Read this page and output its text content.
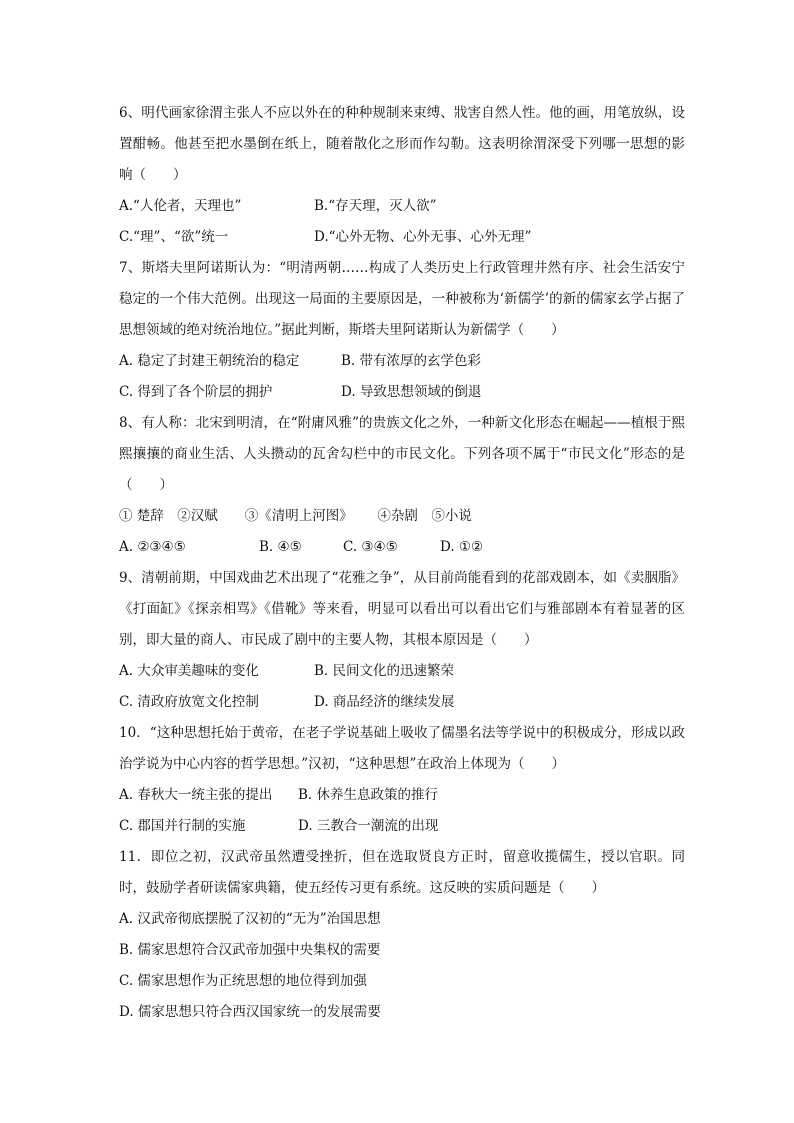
6、明代画家徐渭主张人不应以外在的种种规制来束缚、戕害自然人性。他的画，用笔放纵，设置酣畅。他甚至把水墨倒在纸上，随着散化之形而作勾勒。这表明徐渭深受下列哪一思想的影响（　　）

A.“人伦者，天理也”	B.“存天理，灭人欲”
C.“理”、“欲”统一	D.“心外无物、心外无事、心外无理”

7、斯塔夫里阿诺斯认为：“明清两朝……构成了人类历史上行政管理井然有序、社会生活安宁稳定的一个伟大范例。出现这一局面的主要原因是，一种被称为‘新儒学’的新的儒家玄学占据了思想领域的绝对统治地位。”据此判断，斯塔夫里阿诺斯认为新儒学（　　）

A. 稳定了封建王朝统治的稳定	B. 带有浓厚的玄学色彩
C. 得到了各个阶层的拥护	D. 导致思想领域的倒退

8、有人称：北宋到明清，在“附庸风雅”的贵族文化之外，一种新文化形态在崛起——植根于熙熙攘攘的商业生活、人头攒动的瓦舍勾栏中的市民文化。下列各项不属于“市民文化”形态的是（　　）

① 楚辞　②汉赋　　③《清明上河图》　　 ④杂剧　⑤小说
A. ②③④⑤	B. ④⑤	C. ③④⑤	D. ①②

9、清朝前期，中国戏曲艺术出现了“花雅之争”，从目前尚能看到的花部戏剧本，如《卖胭脂》《打面缸》《探亲相骂》《借靴》等来看，明显可以看出可以看出它们与雅部剧本有着显著的区别，即大量的商人、市民成了剧中的主要人物，其根本原因是（　　）

A. 大众审美趣味的变化	B. 民间文化的迅速繁荣
C. 清政府放宽文化控制	D. 商品经济的继续发展

10．“这种思想托始于黄帝，在老子学说基础上吸收了儒墨名法等学说中的积极成分，形成以政治学说为中心内容的哲学思想。”汉初，“这种思想”在政治上体现为（　　）

A. 春秋大一统主张的提出 B. 休养生息政策的推行
C. 郡国并行制的实施	D. 三教合一潮流的出现

11．即位之初，汉武帝虽然遭受挫折，但在选取贤良方正时，留意收揽儒生，授以官职。同时，鼓励学者研读儒家典籍，使五经传习更有系统。这反映的实质问题是（　　）

A. 汉武帝彻底摆脱了汉初的“无为”治国思想
B. 儒家思想符合汉武帝加强中央集权的需要
C. 儒家思想作为正统思想的地位得到加强
D. 儒家思想只符合西汉国家统一的发展需要
